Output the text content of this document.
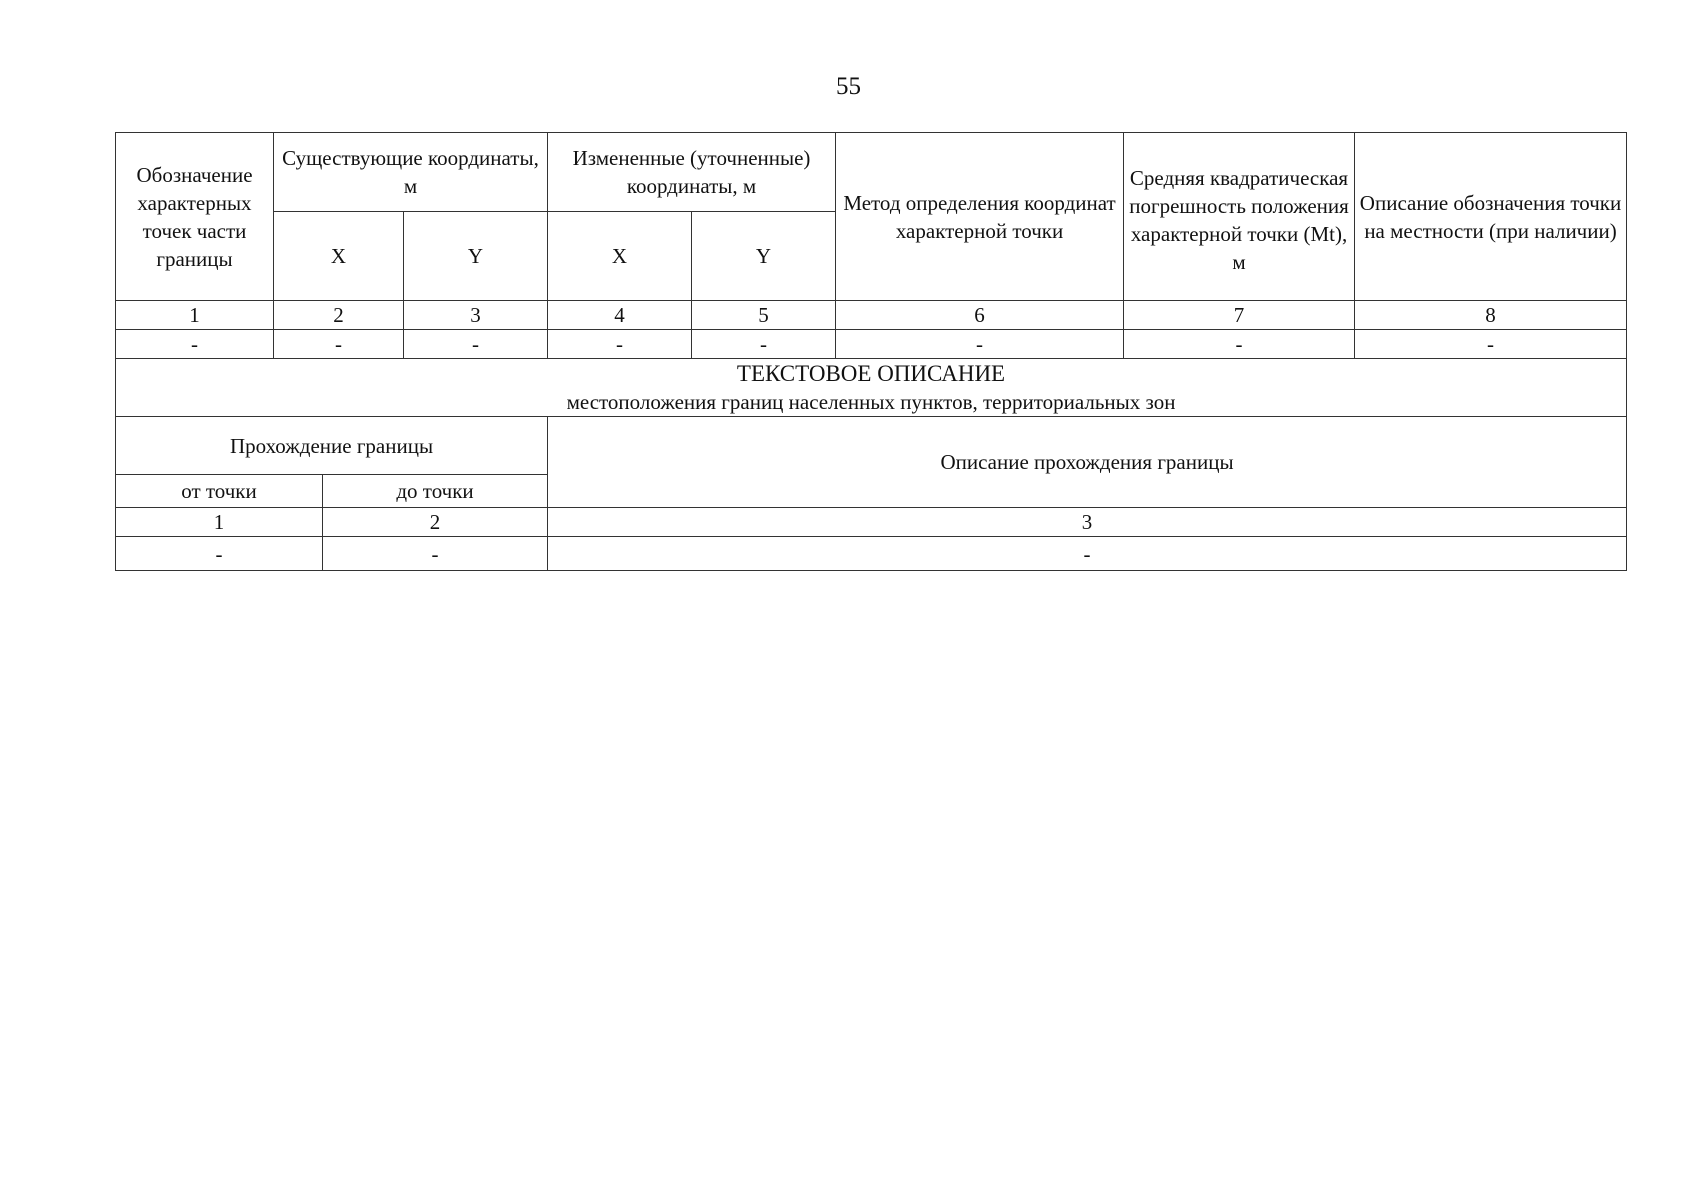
55
Обозначение характерных точек части границы	Существующие координаты, м		Измененные (уточненные) координаты, м		Метод определения координат характерной точки	Средняя квадратическая погрешность положения характерной точки (Mt), м	Описание обозначения точки на местности (при наличии)
	X	Y	X	Y			
1	2	3	4	5	6	7	8
-	-	-	-	-	-	-	-

ТЕКСТОВОЕ ОПИСАНИЕ
местоположения границ населенных пунктов, территориальных зон							
Прохождение границы		Описание прохождения границы
от точки	до точки	
1	2	3
-	-	-
